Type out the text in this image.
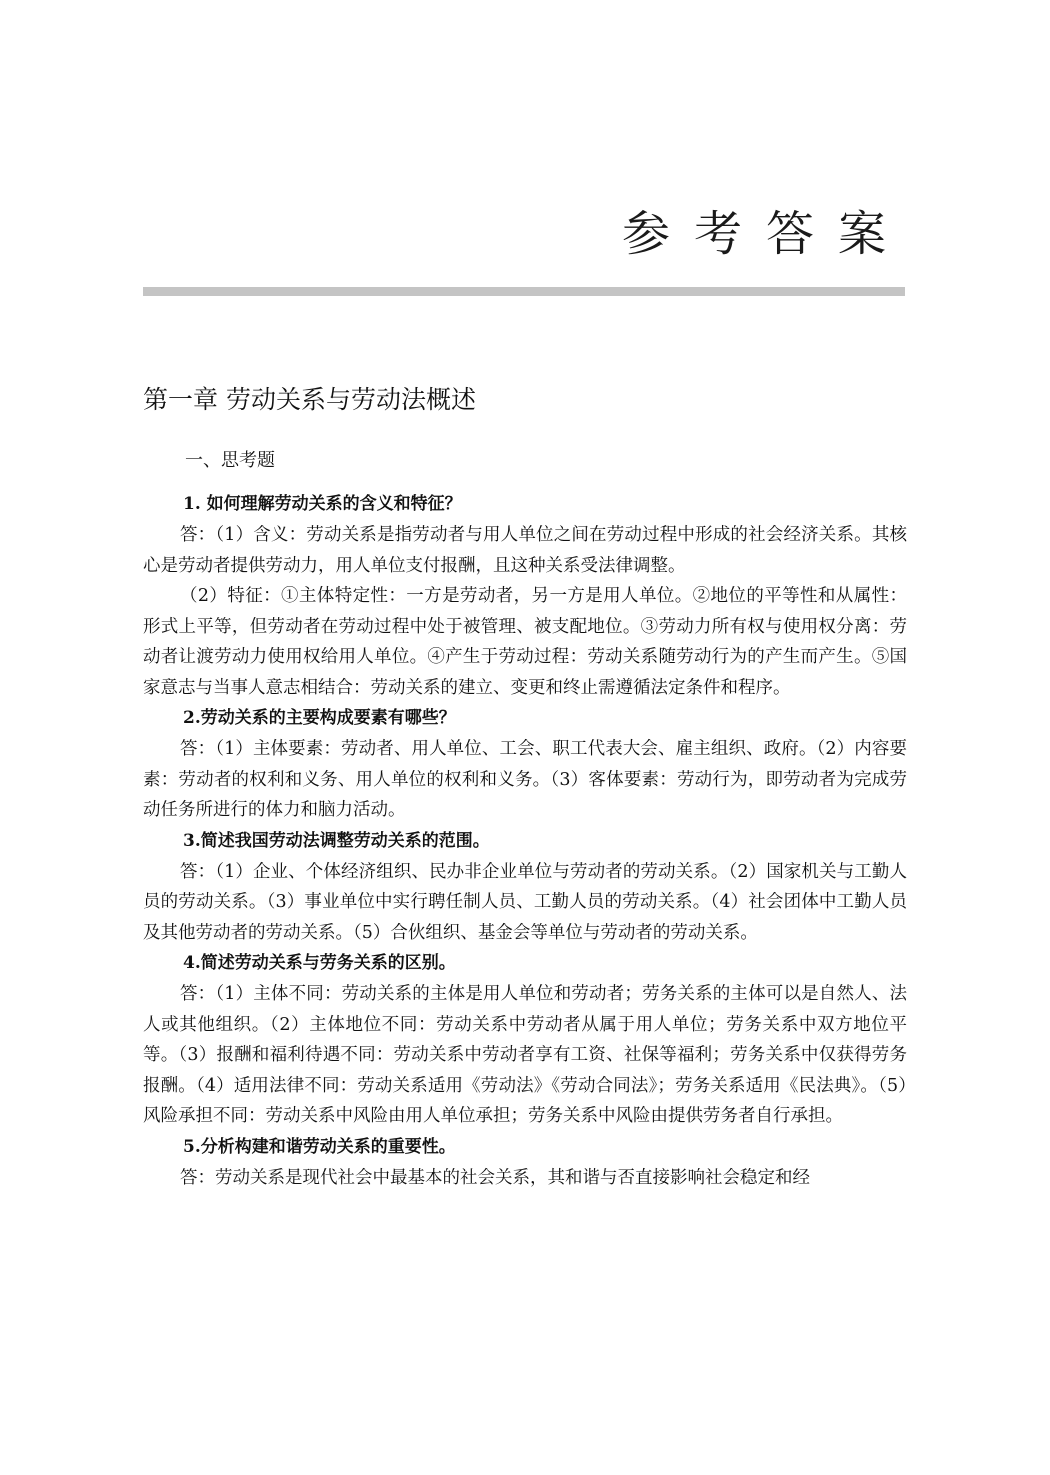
参考答案
第一章 劳动关系与劳动法概述
一、思考题

1. 如何理解劳动关系的含义和特征？

答：（1）含义：劳动关系是指劳动者与用人单位之间在劳动过程中形成的社会经济关系。其核心是劳动者提供劳动力，用人单位支付报酬，且这种关系受法律调整。

（2）特征：①主体特定性：一方是劳动者，另一方是用人单位。②地位的平等性和从属性：形式上平等，但劳动者在劳动过程中处于被管理、被支配地位。③劳动力所有权与使用权分离：劳动者让渡劳动力使用权给用人单位。④产生于劳动过程：劳动关系随劳动行为的产生而产生。⑤国家意志与当事人意志相结合：劳动关系的建立、变更和终止需遵循法定条件和程序。

2.劳动关系的主要构成要素有哪些？

答：（1）主体要素：劳动者、用人单位、工会、职工代表大会、雇主组织、政府。（2）内容要素：劳动者的权利和义务、用人单位的权利和义务。（3）客体要素：劳动行为，即劳动者为完成劳动任务所进行的体力和脑力活动。

3.简述我国劳动法调整劳动关系的范围。

答：（1）企业、个体经济组织、民办非企业单位与劳动者的劳动关系。（2）国家机关与工勤人员的劳动关系。（3）事业单位中实行聘任制人员、工勤人员的劳动关系。（4）社会团体中工勤人员及其他劳动者的劳动关系。（5）合伙组织、基金会等单位与劳动者的劳动关系。

4.简述劳动关系与劳务关系的区别。

答：（1）主体不同：劳动关系的主体是用人单位和劳动者；劳务关系的主体可以是自然人、法人或其他组织。（2）主体地位不同：劳动关系中劳动者从属于用人单位；劳务关系中双方地位平等。（3）报酬和福利待遇不同：劳动关系中劳动者享有工资、社保等福利；劳务关系中仅获得劳务报酬。（4）适用法律不同：劳动关系适用《劳动法》《劳动合同法》；劳务关系适用《民法典》。（5）风险承担不同：劳动关系中风险由用人单位承担；劳务关系中风险由提供劳务者自行承担。

5.分析构建和谐劳动关系的重要性。

答：劳动关系是现代社会中最基本的社会关系，其和谐与否直接影响社会稳定和经
